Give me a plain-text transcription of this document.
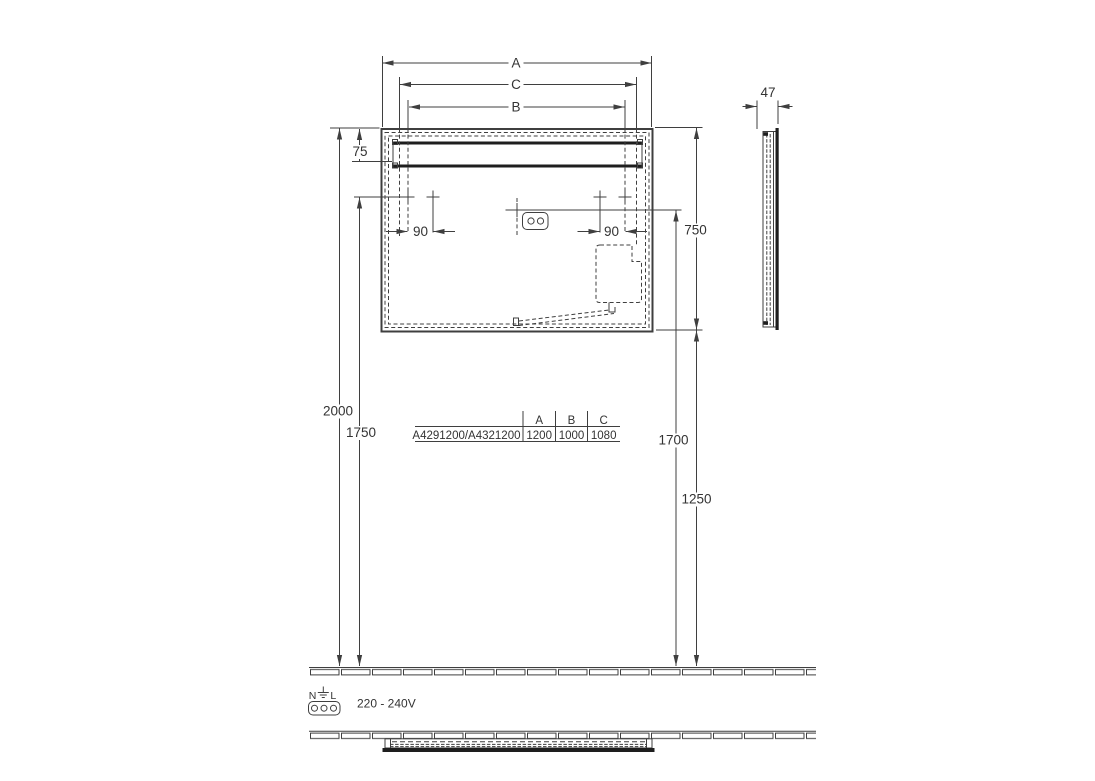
A
C
B
2000
75
1750
750
1250
1700
90	90
47
A B C
A4291200/A4321200 1200 1000 1080
N L
220 - 240V
